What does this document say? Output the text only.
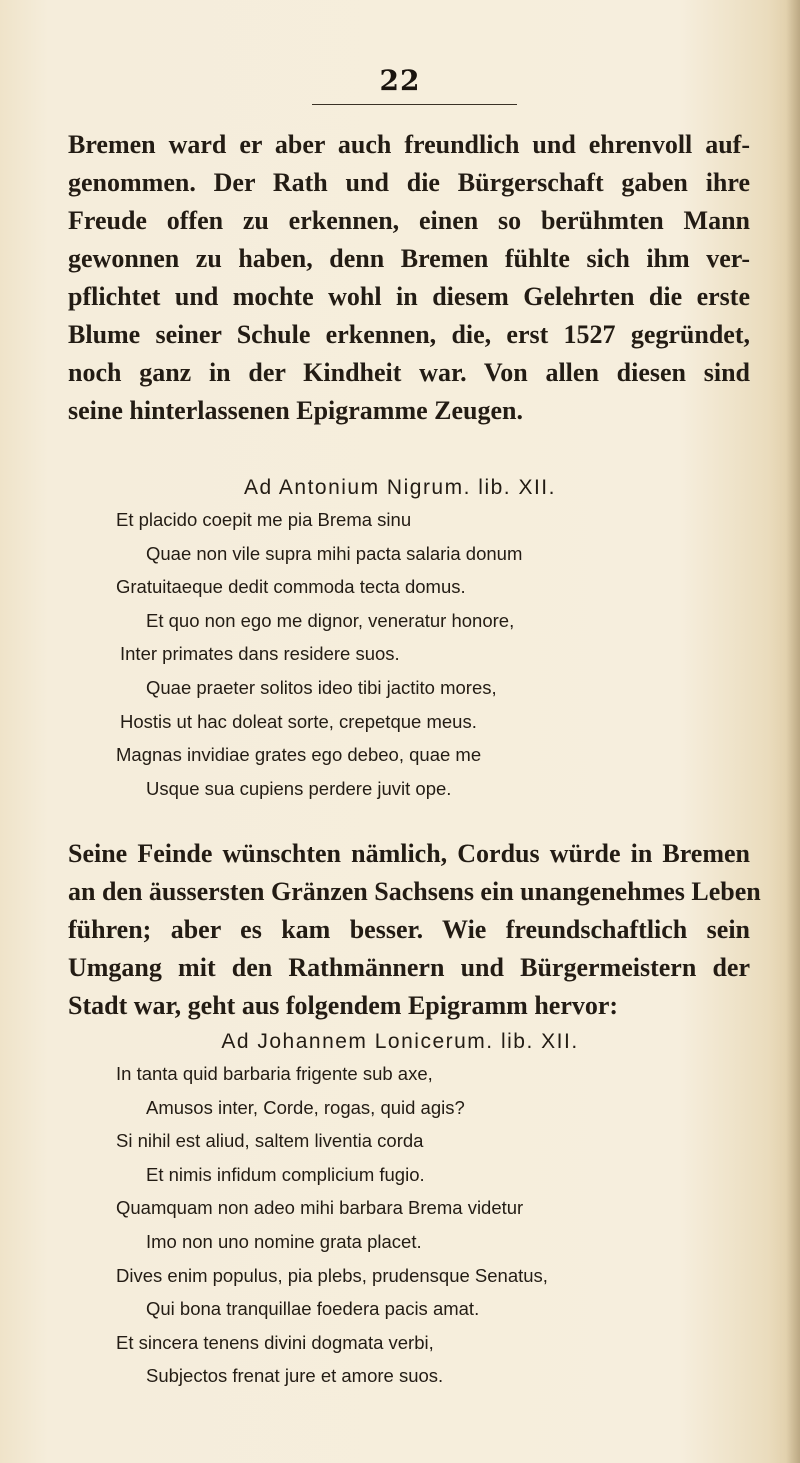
22
Bremen ward er aber auch freundlich und ehrenvoll auf-
genommen. Der Rath und die Bürgerschaft gaben ihre
Freude offen zu erkennen, einen so berühmten Mann
gewonnen zu haben, denn Bremen fühlte sich ihm ver-
pflichtet und mochte wohl in diesem Gelehrten die erste
Blume seiner Schule erkennen, die, erst 1527 gegründet,
noch ganz in der Kindheit war. Von allen diesen sind
seine hinterlassenen Epigramme Zeugen.
Ad Antonium Nigrum. lib. XII.
Et placido coepit me pia Brema sinu
Quae non vile supra mihi pacta salaria donum
Gratuitaeque dedit commoda tecta domus.
Et quo non ego me dignor, veneratur honore,
Inter primates dans residere suos.
Quae praeter solitos ideo tibi jactito mores,
Hostis ut hac doleat sorte, crepetque meus.
Magnas invidiae grates ego debeo, quae me
Usque sua cupiens perdere juvit ope.
Seine Feinde wünschten nämlich, Cordus würde in Bremen
an den äussersten Gränzen Sachsens ein unangenehmes Leben
führen; aber es kam besser. Wie freundschaftlich sein
Umgang mit den Rathmännern und Bürgermeistern der
Stadt war, geht aus folgendem Epigramm hervor:
Ad Johannem Lonicerum. lib. XII.
In tanta quid barbaria frigente sub axe,
Amusos inter, Corde, rogas, quid agis?
Si nihil est aliud, saltem liventia corda
Et nimis infidum complicium fugio.
Quamquam non adeo mihi barbara Brema videtur
Imo non uno nomine grata placet.
Dives enim populus, pia plebs, prudensque Senatus,
Qui bona tranquillae foedera pacis amat.
Et sincera tenens divini dogmata verbi,
Subjectos frenat jure et amore suos.
